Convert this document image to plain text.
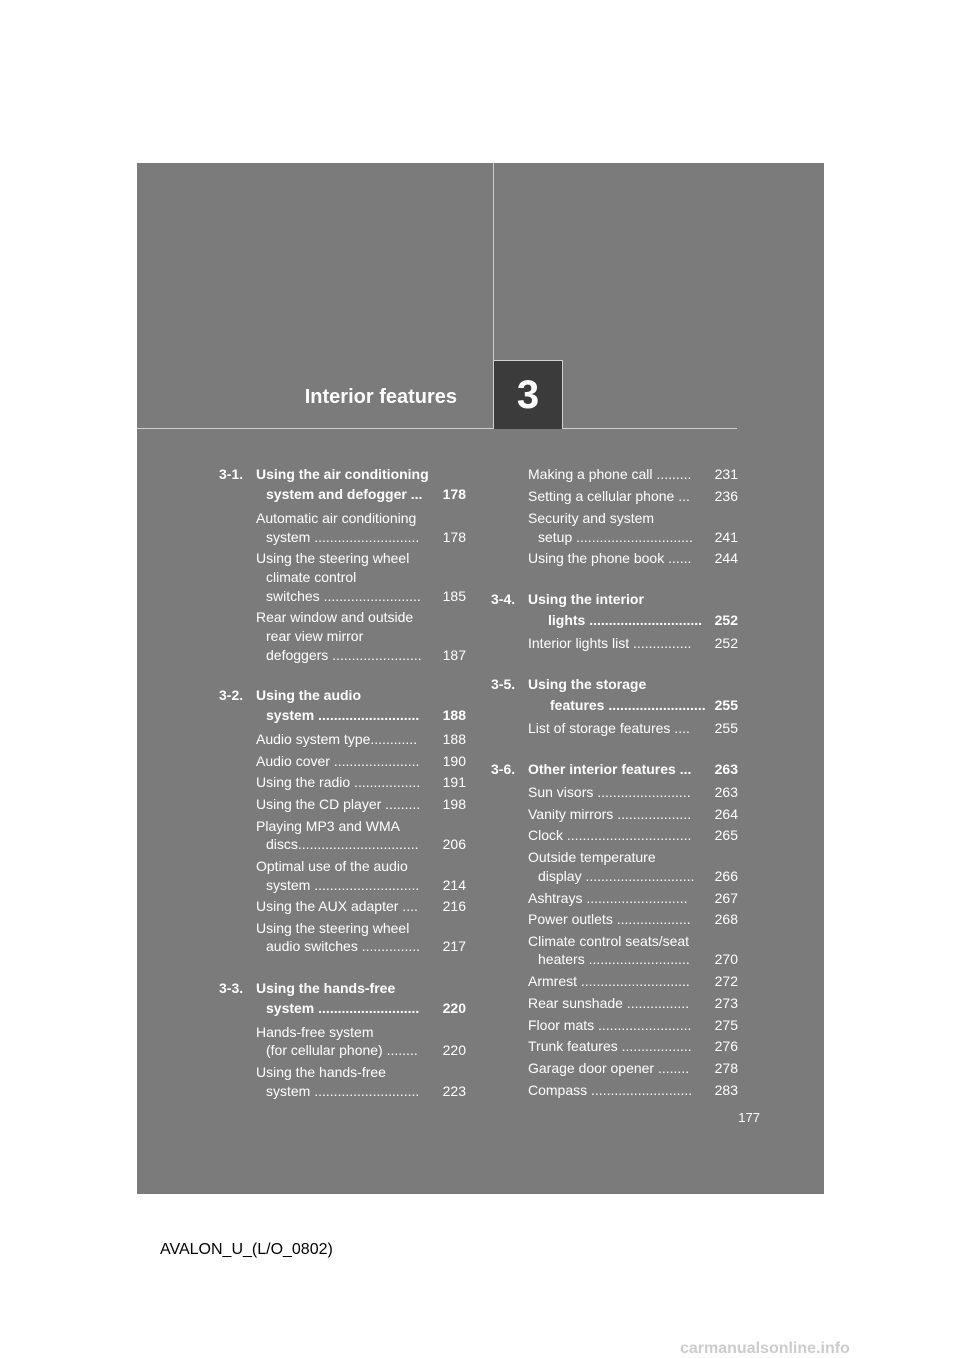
Interior features	3
3-1. Using the air conditioning
system and defogger ...	178
Automatic air conditioning
system ...........................	178
Using the steering wheel
climate control
switches .........................	185
Rear window and outside
rear view mirror
defoggers .......................	187
3-2. Using the audio
system ..........................	188
Audio system type............	188
Audio cover ......................	190
Using the radio .................	191
Using the CD player .........	198
Playing MP3 and WMA
discs...............................	206
Optimal use of the audio
system ...........................	214
Using the AUX adapter ....	216
Using the steering wheel
audio switches ...............	217
3-3. Using the hands-free
system ..........................	220
Hands-free system
(for cellular phone) ........	220
Using the hands-free
system ...........................	223
Making a phone call .........	231
Setting a cellular phone ...	236
Security and system
setup ..............................	241
Using the phone book ......	244
3-4. Using the interior
lights ............................. 252
Interior lights list ...............	252
3-5. Using the storage
features ......................... 255
List of storage features ....	255
3-6. Other interior features ...	263
Sun visors ........................	263
Vanity mirrors ...................	264
Clock ................................	265
Outside temperature
display ............................	266
Ashtrays ..........................	267
Power outlets ...................	268
Climate control seats/seat
heaters ..........................	270
Armrest ............................	272
Rear sunshade ................	273
Floor mats ........................	275
Trunk features ..................	276
Garage door opener ........	278
Compass ..........................	283
177
AVALON_U_(L/O_0802)
carmanualsonline.info
